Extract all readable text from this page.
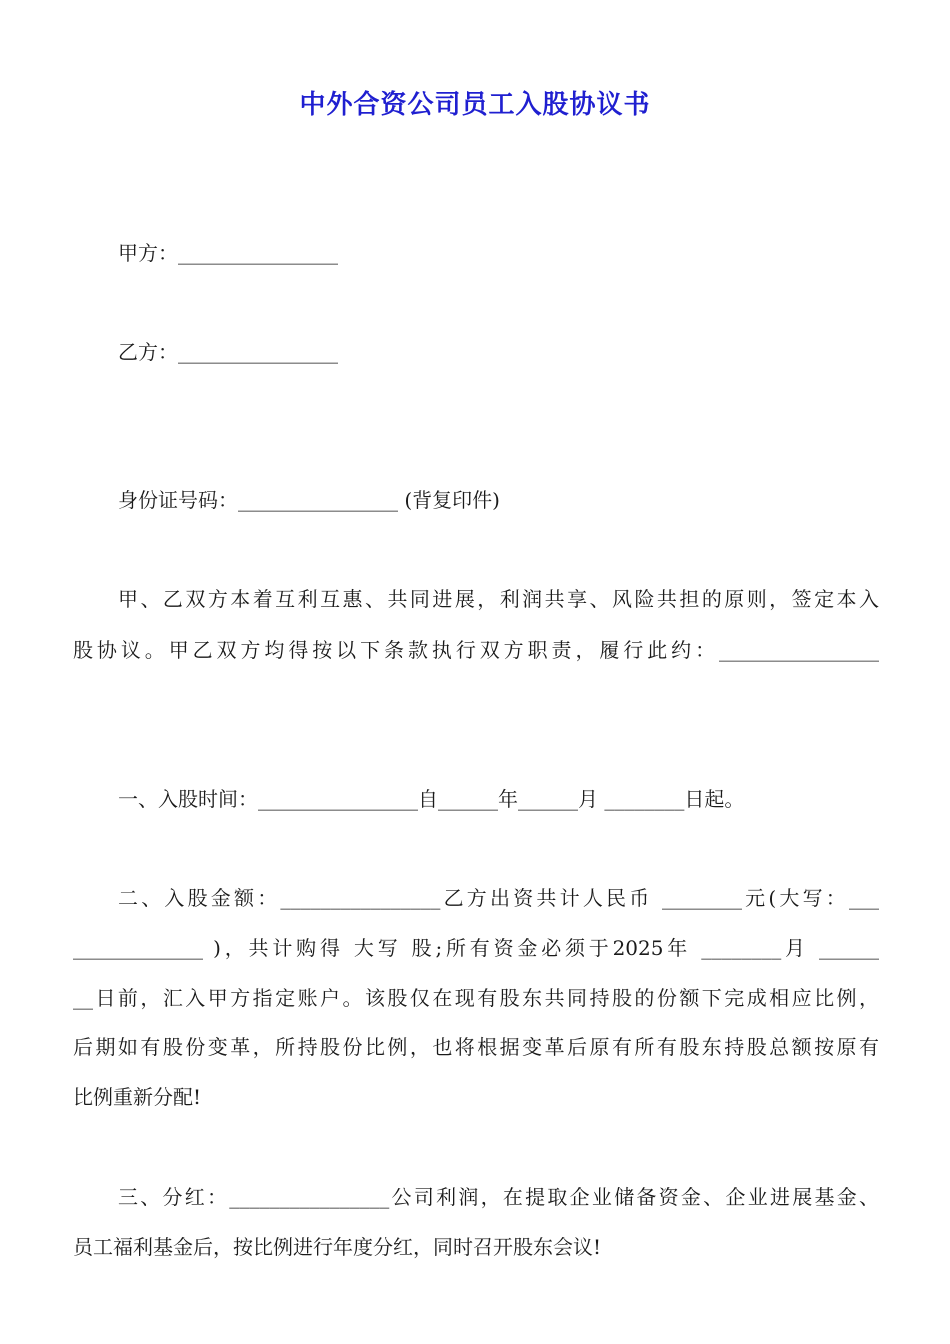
中外合资公司员工入股协议书
甲方：________________
乙方：________________
身份证号码：________________ (背复印件)
甲、乙双方本着互利互惠、共同进展，利润共享、风险共担的原则，签定本入
股协议。甲乙双方均得按以下条款执行双方职责，履行此约：________________
一、入股时间：________________自______年______月 ________日起。
二、入股金额：________________乙方出资共计人民币 ________元(大写：___
_____________ )，共计购得 大写 股;所有资金必须于2025年 ________月 ______
__日前，汇入甲方指定账户。该股仅在现有股东共同持股的份额下完成相应比例，
后期如有股份变革，所持股份比例，也将根据变革后原有所有股东持股总额按原有
比例重新分配!
三、分红：________________公司利润，在提取企业储备资金、企业进展基金、
员工福利基金后，按比例进行年度分红，同时召开股东会议!
